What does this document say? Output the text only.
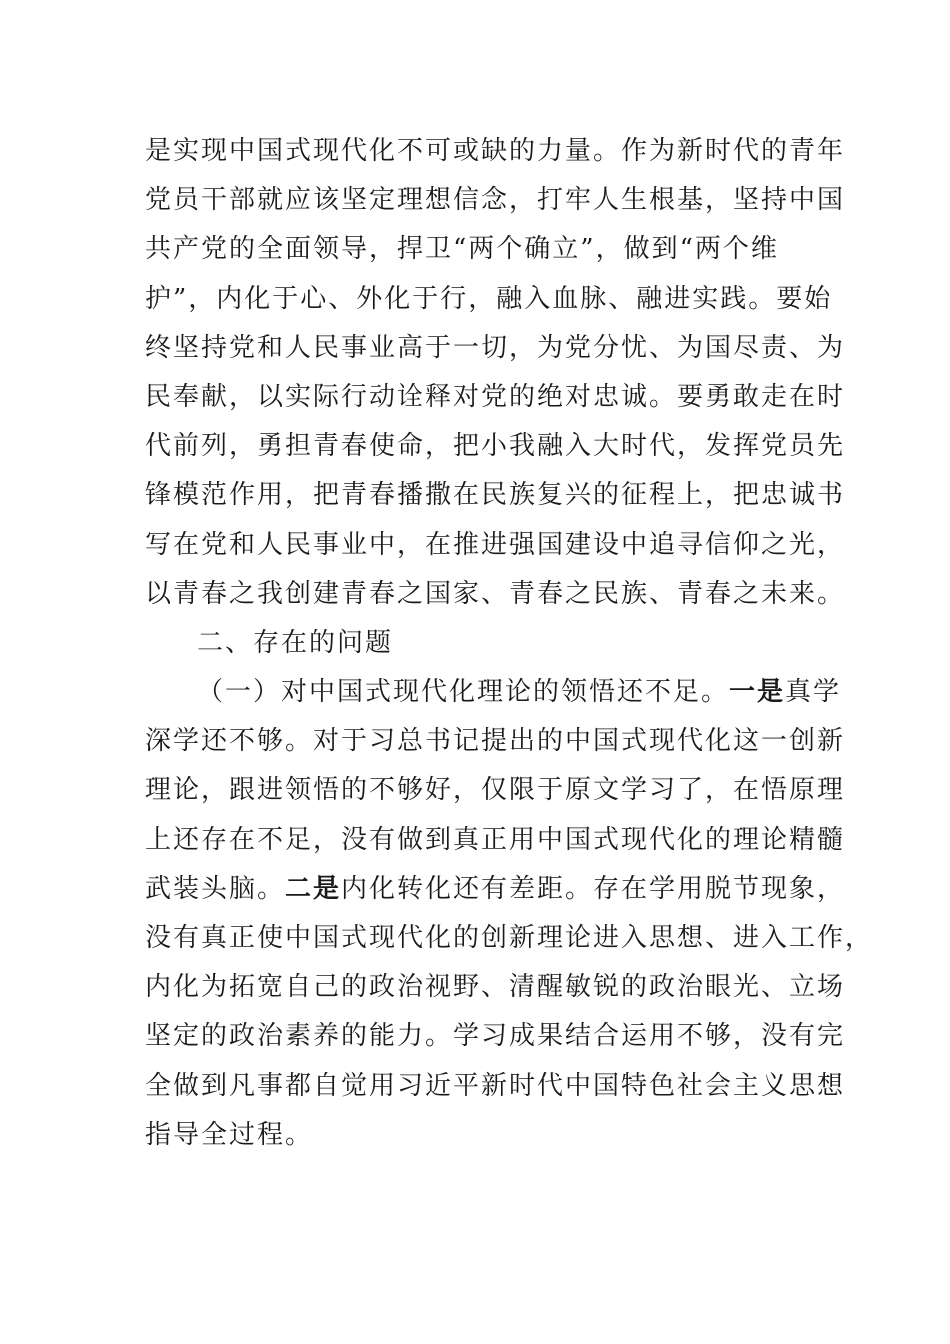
是实现中国式现代化不可或缺的力量。作为新时代的青年
党员干部就应该坚定理想信念，打牢人生根基，坚持中国
共产党的全面领导，捍卫“两个确立”，做到“两个维
护”，内化于心、外化于行，融入血脉、融进实践。要始
终坚持党和人民事业高于一切，为党分忧、为国尽责、为
民奉献，以实际行动诠释对党的绝对忠诚。要勇敢走在时
代前列，勇担青春使命，把小我融入大时代，发挥党员先
锋模范作用，把青春播撒在民族复兴的征程上，把忠诚书
写在党和人民事业中，在推进强国建设中追寻信仰之光，
以青春之我创建青春之国家、青春之民族、青春之未来。
二、存在的问题
（一）对中国式现代化理论的领悟还不足。一是真学
深学还不够。对于习总书记提出的中国式现代化这一创新
理论，跟进领悟的不够好，仅限于原文学习了，在悟原理
上还存在不足，没有做到真正用中国式现代化的理论精髓
武装头脑。二是内化转化还有差距。存在学用脱节现象，
没有真正使中国式现代化的创新理论进入思想、进入工作，
内化为拓宽自己的政治视野、清醒敏锐的政治眼光、立场
坚定的政治素养的能力。学习成果结合运用不够，没有完
全做到凡事都自觉用习近平新时代中国特色社会主义思想
指导全过程。
